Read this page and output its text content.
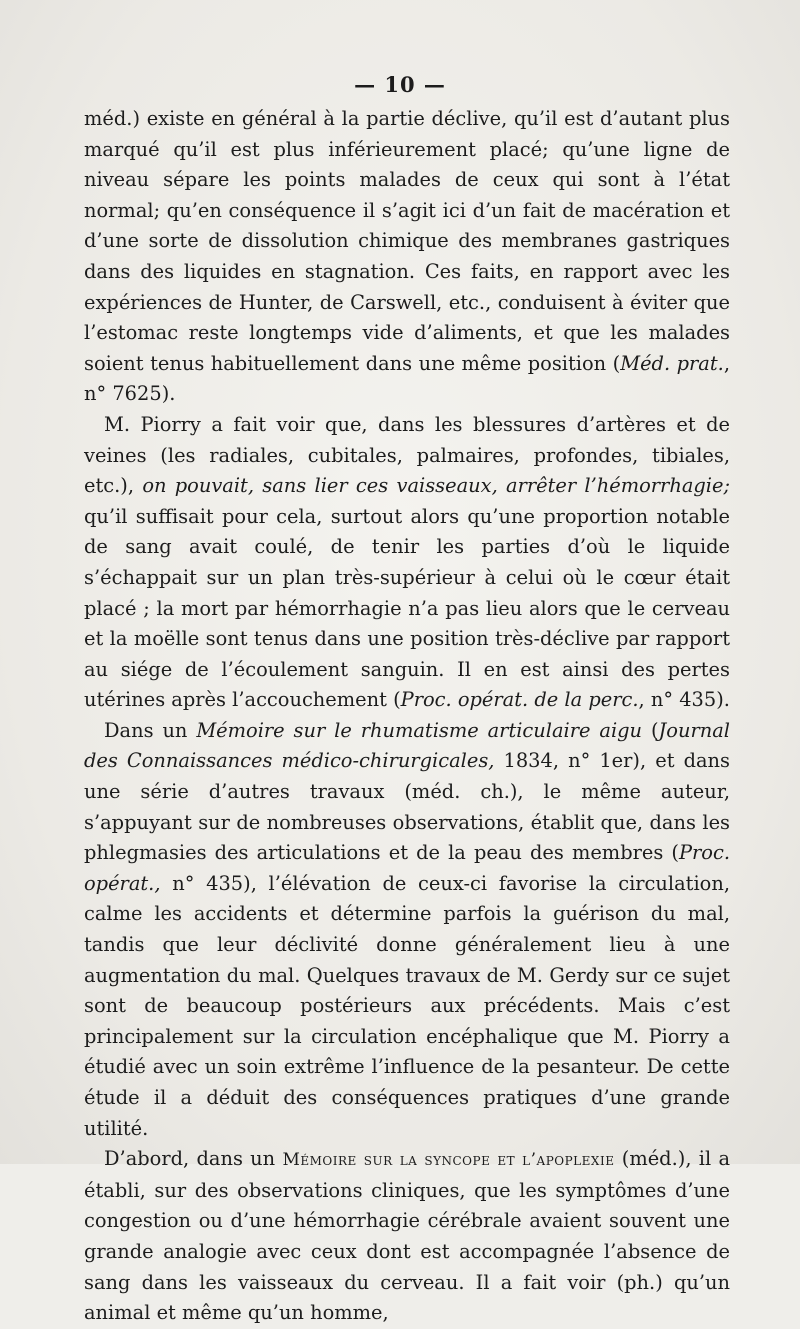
— 10 —

méd.) existe en général à la partie déclive, qu’il est d’autant plus marqué qu’il est plus inférieurement placé; qu’une ligne de niveau sépare les points malades de ceux qui sont à l’état normal; qu’en conséquence il s’agit ici d’un fait de macération et d’une sorte de dissolution chimique des membranes gastriques dans des liquides en stagnation. Ces faits, en rapport avec les expériences de Hunter, de Carswell, etc., conduisent à éviter que l’estomac reste longtemps vide d’aliments, et que les malades soient tenus habituellement dans une même position (Méd. prat., n° 7625).

M. Piorry a fait voir que, dans les blessures d’artères et de veines (les radiales, cubitales, palmaires, profondes, tibiales, etc.), on pouvait, sans lier ces vaisseaux, arrêter l’hémorrhagie; qu’il suffisait pour cela, surtout alors qu’une proportion notable de sang avait coulé, de tenir les parties d’où le liquide s’échappait sur un plan très-supérieur à celui où le cœur était placé ; la mort par hémorrhagie n’a pas lieu alors que le cerveau et la moëlle sont tenus dans une position très-déclive par rapport au siége de l’écoulement sanguin. Il en est ainsi des pertes utérines après l’accouchement (Proc. opérat. de la perc., n° 435).

Dans un Mémoire sur le rhumatisme articulaire aigu (Journal des Connaissances médico-chirurgicales, 1834, n° 1er), et dans une série d’autres travaux (méd. ch.), le même auteur, s’appuyant sur de nombreuses observations, établit que, dans les phlegmasies des articulations et de la peau des membres (Proc. opérat., n° 435), l’élévation de ceux-ci favorise la circulation, calme les accidents et détermine parfois la guérison du mal, tandis que leur déclivité donne généralement lieu à une augmentation du mal. Quelques travaux de M. Gerdy sur ce sujet sont de beaucoup postérieurs aux précédents. Mais c’est principalement sur la circulation encéphalique que M. Piorry a étudié avec un soin extrême l’influence de la pesanteur. De cette étude il a déduit des conséquences pratiques d’une grande utilité.

D’abord, dans un Mémoire sur la syncope et l’apoplexie (méd.), il a établi, sur des observations cliniques, que les symptômes d’une congestion ou d’une hémorrhagie cérébrale avaient souvent une grande analogie avec ceux dont est accompagnée l’absence de sang dans les vaisseaux du cerveau. Il a fait voir (ph.) qu’un animal et même qu’un homme,
